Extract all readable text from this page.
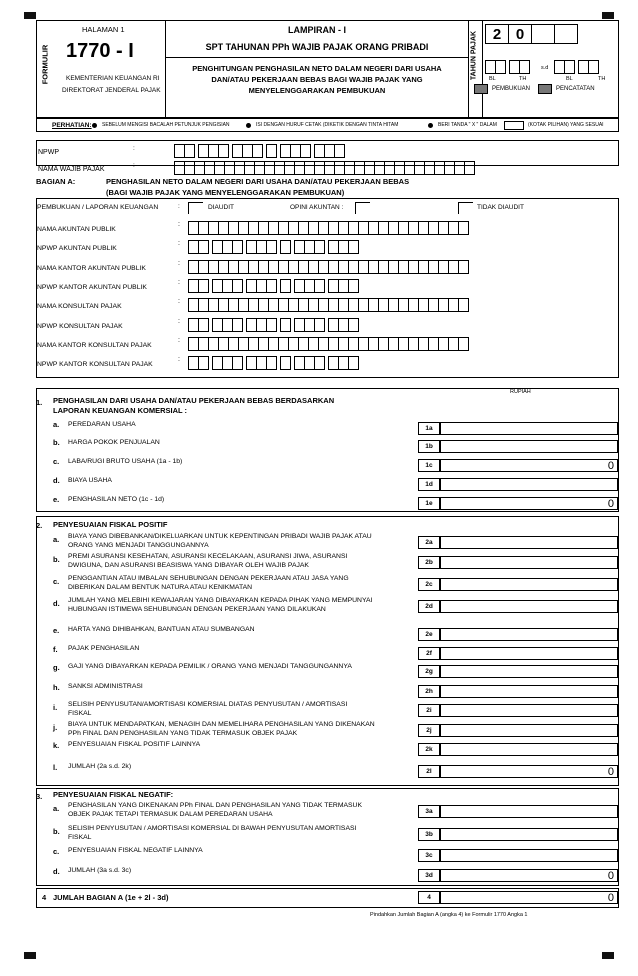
FORMULIR
HALAMAN 1
1770 - I
KEMENTERIAN KEUANGAN RI
DIREKTORAT JENDERAL PAJAK
LAMPIRAN - I
SPT TAHUNAN PPh WAJIB PAJAK ORANG PRIBADI
PENGHITUNGAN PENGHASILAN NETO DALAM NEGERI DARI USAHA
DAN/ATAU PEKERJAAN BEBAS BAGI WAJIB PAJAK YANG
MENYELENGGARAKAN PEMBUKUAN
TAHUN PAJAK	2 0
s.d
BL	TH	BL	TH
PEMBUKUAN	PENCATATAN
PERHATIAN: SEBELUM MENGISI BACALAH PETUNJUK PENGISIAN	ISI DENGAN HURUF CETAK (DIKETIK DENGAN TINTA HITAM	BERI TANDA " X " DALAM	(KOTAK PILIHAN) YANG SESUAI
NPWP
:
NAMA WAJIB PAJAK
:
BAGIAN A:	PENGHASILAN NETO DALAM NEGERI DARI USAHA DAN/ATAU PEKERJAAN BEBAS
(BAGI WAJIB PAJAK YANG MENYELENGGARAKAN PEMBUKUAN)
PEMBUKUAN / LAPORAN KEUANGAN	:	DIAUDIT	OPINI AKUNTAN :	TIDAK DIAUDIT
NAMA AKUNTAN PUBLIK
:
NPWP AKUNTAN PUBLIK
:
NAMA KANTOR AKUNTAN PUBLIK
:
NPWP KANTOR AKUNTAN PUBLIK
:
NAMA KONSULTAN PAJAK
:
NPWP KONSULTAN PAJAK
:
NAMA KANTOR KONSULTAN PAJAK
:
NPWP KANTOR KONSULTAN PAJAK
:
1. PENGHASILAN DARI USAHA DAN/ATAU PEKERJAAN BEBAS BERDASARKAN
LAPORAN KEUANGAN KOMERSIAL :
RUPIAH
a. PEREDARAN USAHA
1a
b. HARGA POKOK PENJUALAN
1b
c. LABA/RUGI BRUTO USAHA (1a - 1b)
1c	0
d. BIAYA USAHA
1d
e. PENGHASILAN NETO (1c - 1d)
1e	0
2. PENYESUAIAN FISKAL POSITIF
a. BIAYA YANG DIBEBANKAN/DIKELUARKAN UNTUK KEPENTINGAN PRIBADI WAJIB PAJAK ATAU
ORANG YANG MENJADI TANGGUNGANNYA	2a
b. PREMI ASURANSI KESEHATAN, ASURANSI KECELAKAAN, ASURANSI JIWA, ASURANSI
DWIGUNA, DAN ASURANSI BEASISWA YANG DIBAYAR OLEH WAJIB PAJAK	2b
c. PENGGANTIAN ATAU IMBALAN SEHUBUNGAN DENGAN PEKERJAAN ATAU JASA YANG
DIBERIKAN DALAM BENTUK NATURA ATAU KENIKMATAN	2c
d. JUMLAH YANG MELEBIHI KEWAJARAN YANG DIBAYARKAN KEPADA PIHAK YANG MEMPUNYAI
HUBUNGAN ISTIMEWA SEHUBUNGAN DENGAN PEKERJAAN YANG DILAKUKAN	2d
e. HARTA YANG DIHIBAHKAN, BANTUAN ATAU SUMBANGAN
2e
f. PAJAK PENGHASILAN
2f
g. GAJI YANG DIBAYARKAN KEPADA PEMILIK / ORANG YANG MENJADI TANGGUNGANNYA
2g
h. SANKSI ADMINISTRASI
2h
i. SELISIH PENYUSUTAN/AMORTISASI KOMERSIAL DIATAS PENYUSUTAN / AMORTISASI
FISKAL	2i
j. BIAYA UNTUK MENDAPATKAN, MENAGIH DAN MEMELIHARA PENGHASILAN YANG DIKENAKAN
PPh FINAL DAN PENGHASILAN YANG TIDAK TERMASUK OBJEK PAJAK	2j
k. PENYESUAIAN FISKAL POSITIF LAINNYA
2k
l. JUMLAH (2a s.d. 2k)
2l	0
3. PENYESUAIAN FISKAL NEGATIF:
a. PENGHASILAN YANG DIKENAKAN PPh FINAL DAN PENGHASILAN YANG TIDAK TERMASUK
OBJEK PAJAK TETAPI TERMASUK DALAM PEREDARAN USAHA	3a
b. SELISIH PENYUSUTAN / AMORTISASI KOMERSIAL DI BAWAH PENYUSUTAN AMORTISASI
FISKAL	3b
c. PENYESUAIAN FISKAL NEGATIF LAINNYA
3c
d. JUMLAH (3a s.d. 3c)
3d	0
4 JUMLAH BAGIAN A (1e + 2l - 3d)	4	0
Pindahkan Jumlah Bagian A (angka 4) ke Formulir 1770 Angka 1
